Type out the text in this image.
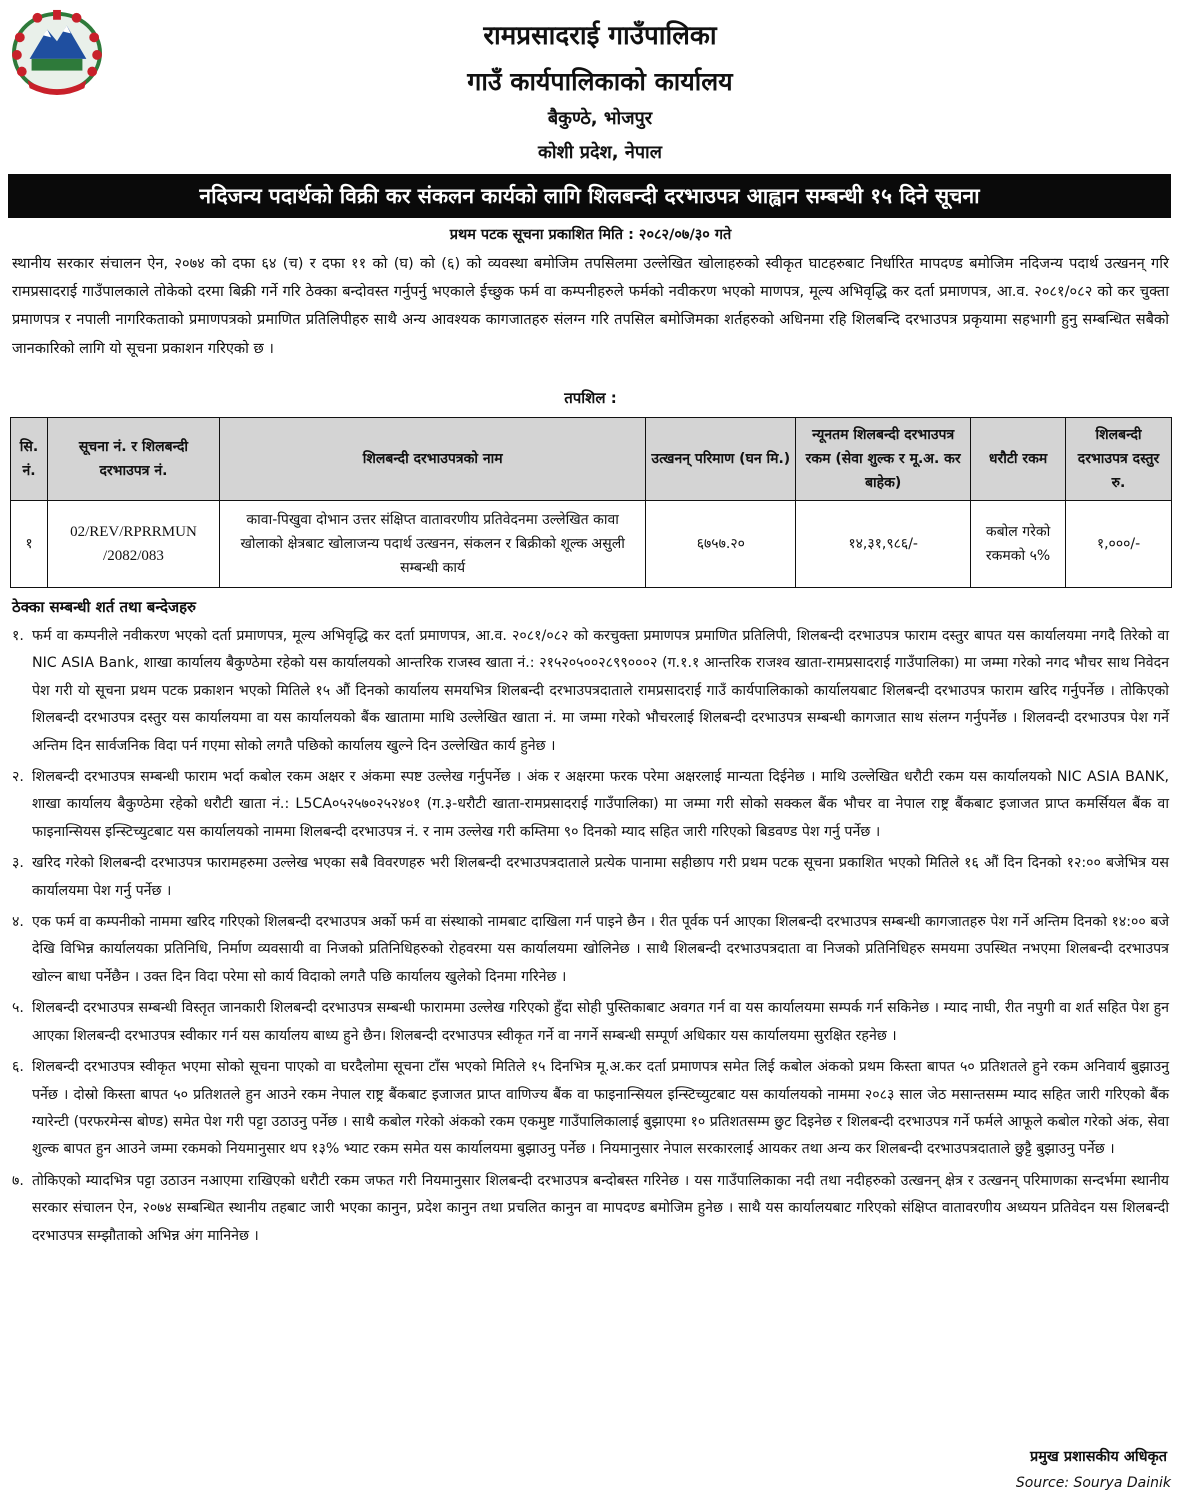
रामप्रसादराई गाउँपालिका
गाउँ कार्यपालिकाको कार्यालय
बैकुण्ठे, भोजपुर
कोशी प्रदेश, नेपाल
नदिजन्य पदार्थको विक्री कर संकलन कार्यको लागि शिलबन्दी दरभाउपत्र आह्वान सम्बन्धी १५ दिने सूचना
प्रथम पटक सूचना प्रकाशित मिति : २०८२/०७/३० गते
स्थानीय सरकार संचालन ऐन, २०७४ को दफा ६४ (च) र दफा ११ को (घ) को (६) को व्यवस्था बमोजिम तपसिलमा उल्लेखित खोलाहरुको स्वीकृत घाटहरुबाट निर्धारित मापदण्ड बमोजिम नदिजन्य पदार्थ उत्खनन् गरि रामप्रसादराई गाउँपालकाले तोकेको दरमा बिक्री गर्ने गरि ठेक्का बन्दोवस्त गर्नुपर्नु भएकाले ईच्छुक फर्म वा कम्पनीहरुले फर्मको नवीकरण भएको माणपत्र, मूल्य अभिवृद्धि कर दर्ता प्रमाणपत्र, आ.व. २०८१/०८२ को कर चुक्ता प्रमाणपत्र र नपाली नागरिकताको प्रमाणपत्रको प्रमाणित प्रतिलिपीहरु साथै अन्य आवश्यक कागजातहरु संलग्न गरि तपसिल बमोजिमका शर्तहरुको अधिनमा रहि शिलबन्दि दरभाउपत्र प्रकृयामा सहभागी हुनु सम्बन्धित सबैको जानकारिको लागि यो सूचना प्रकाशन गरिएको छ ।
तपशिल :
सि. नं.	सूचना नं. र शिलबन्दी दरभाउपत्र नं.	शिलबन्दी दरभाउपत्रको नाम	उत्खनन् परिमाण (घन मि.)	न्यूनतम शिलबन्दी दरभाउपत्र रकम (सेवा शुल्क र मू.अ. कर बाहेक)	धरौटी रकम	शिलबन्दी दरभाउपत्र दस्तुर रु.
१	02/REV/RPRRMUN /2082/083	कावा-पिखुवा दोभान उत्तर संक्षिप्त वातावरणीय प्रतिवेदनमा उल्लेखित कावा खोलाको क्षेत्रबाट खोलाजन्य पदार्थ उत्खनन, संकलन र बिक्रीको शूल्क असुली सम्बन्धी कार्य	६७५७.२०	१४,३१,९८६/-	कबोल गरेको रकमको ५%	१,०००/-
ठेक्का सम्बन्धी शर्त तथा बन्देजहरु
१. फर्म वा कम्पनीले नवीकरण भएको दर्ता प्रमाणपत्र, मूल्य अभिवृद्धि कर दर्ता प्रमाणपत्र, आ.व. २०८१/०८२ को करचुक्ता प्रमाणपत्र प्रमाणित प्रतिलिपी, शिलबन्दी दरभाउपत्र फाराम दस्तुर बापत यस कार्यालयमा नगदै तिरेको वा NIC ASIA Bank, शाखा कार्यालय बैकुण्ठेमा रहेको यस कार्यालयको आन्तरिक राजस्व खाता नं.: २१५२०५००२८९९०००२ (ग.१.१ आन्तरिक राजश्व खाता-रामप्रसादराई गाउँपालिका) मा जम्मा गरेको नगद भौचर साथ निवेदन पेश गरी यो सूचना प्रथम पटक प्रकाशन भएको मितिले १५ औं दिनको कार्यालय समयभित्र शिलबन्दी दरभाउपत्रदाताले रामप्रसादराई गाउँ कार्यपालिकाको कार्यालयबाट शिलबन्दी दरभाउपत्र फाराम खरिद गर्नुपर्नेछ । तोकिएको शिलबन्दी दरभाउपत्र दस्तुर यस कार्यालयमा वा यस कार्यालयको बैंक खातामा माथि उल्लेखित खाता नं. मा जम्मा गरेको भौचरलाई शिलबन्दी दरभाउपत्र सम्बन्धी कागजात साथ संलग्न गर्नुपर्नेछ । शिलवन्दी दरभाउपत्र पेश गर्ने अन्तिम दिन सार्वजनिक विदा पर्न गएमा सोको लगतै पछिको कार्यालय खुल्ने दिन उल्लेखित कार्य हुनेछ ।
२. शिलबन्दी दरभाउपत्र सम्बन्धी फाराम भर्दा कबोल रकम अक्षर र अंकमा स्पष्ट उल्लेख गर्नुपर्नेछ । अंक र अक्षरमा फरक परेमा अक्षरलाई मान्यता दिईनेछ । माथि उल्लेखित धरौटी रकम यस कार्यालयको NIC ASIA BANK, शाखा कार्यालय बैकुण्ठेमा रहेको धरौटी खाता नं.: L5CA०५२५७०२५२४०१ (ग.३-धरौटी खाता-रामप्रसादराई गाउँपालिका) मा जम्मा गरी सोको सक्कल बैंक भौचर वा नेपाल राष्ट्र बैंकबाट इजाजत प्राप्त कमर्सियल बैंक वा फाइनान्सियस इन्स्टिच्युटबाट यस कार्यालयको नाममा शिलबन्दी दरभाउपत्र नं. र नाम उल्लेख गरी कम्तिमा ९० दिनको म्याद सहित जारी गरिएको बिडवण्ड पेश गर्नु पर्नेछ ।
३. खरिद गरेको शिलबन्दी दरभाउपत्र फारामहरुमा उल्लेख भएका सबै विवरणहरु भरी शिलबन्दी दरभाउपत्रदाताले प्रत्येक पानामा सहीछाप गरी प्रथम पटक सूचना प्रकाशित भएको मितिले १६ औं दिन दिनको १२:०० बजेभित्र यस कार्यालयमा पेश गर्नु पर्नेछ ।
४. एक फर्म वा कम्पनीको नाममा खरिद गरिएको शिलबन्दी दरभाउपत्र अर्को फर्म वा संस्थाको नामबाट दाखिला गर्न पाइने छैन । रीत पूर्वक पर्न आएका शिलबन्दी दरभाउपत्र सम्बन्धी कागजातहरु पेश गर्ने अन्तिम दिनको १४:०० बजे देखि विभिन्न कार्यालयका प्रतिनिधि, निर्माण व्यवसायी वा निजको प्रतिनिधिहरुको रोहवरमा यस कार्यालयमा खोलिनेछ । साथै शिलबन्दी दरभाउपत्रदाता वा निजको प्रतिनिधिहरु समयमा उपस्थित नभएमा शिलबन्दी दरभाउपत्र खोल्न बाधा पर्नेछैन । उक्त दिन विदा परेमा सो कार्य विदाको लगतै पछि कार्यालय खुलेको दिनमा गरिनेछ ।
५. शिलबन्दी दरभाउपत्र सम्बन्धी विस्तृत जानकारी शिलबन्दी दरभाउपत्र सम्बन्धी फाराममा उल्लेख गरिएको हुँदा सोही पुस्तिकाबाट अवगत गर्न वा यस कार्यालयमा सम्पर्क गर्न सकिनेछ । म्याद नाघी, रीत नपुगी वा शर्त सहित पेश हुन आएका शिलबन्दी दरभाउपत्र स्वीकार गर्न यस कार्यालय बाध्य हुने छैन। शिलबन्दी दरभाउपत्र स्वीकृत गर्ने वा नगर्ने सम्बन्धी सम्पूर्ण अधिकार यस कार्यालयमा सुरक्षित रहनेछ ।
६. शिलबन्दी दरभाउपत्र स्वीकृत भएमा सोको सूचना पाएको वा घरदैलोमा सूचना टाँस भएको मितिले १५ दिनभित्र मू.अ.कर दर्ता प्रमाणपत्र समेत लिई कबोल अंकको प्रथम किस्ता बापत ५० प्रतिशतले हुने रकम अनिवार्य बुझाउनु पर्नेछ । दोस्रो किस्ता बापत ५० प्रतिशतले हुन आउने रकम नेपाल राष्ट्र बैंकबाट इजाजत प्राप्त वाणिज्य बैंक वा फाइनान्सियल इन्स्टिच्युटबाट यस कार्यालयको नाममा २०८३ साल जेठ मसान्तसम्म म्याद सहित जारी गरिएको बैंक ग्यारेन्टी (परफरमेन्स बोण्ड) समेत पेश गरी पट्टा उठाउनु पर्नेछ । साथै कबोल गरेको अंकको रकम एकमुष्ट गाउँपालिकालाई बुझाएमा १० प्रतिशतसम्म छुट दिइनेछ र शिलबन्दी दरभाउपत्र गर्ने फर्मले आफूले कबोल गरेको अंक, सेवा शुल्क बापत हुन आउने जम्मा रकमको नियमानुसार थप १३% भ्याट रकम समेत यस कार्यालयमा बुझाउनु पर्नेछ । नियमानुसार नेपाल सरकारलाई आयकर तथा अन्य कर शिलबन्दी दरभाउपत्रदाताले छुट्टै बुझाउनु पर्नेछ ।
७. तोकिएको म्यादभित्र पट्टा उठाउन नआएमा राखिएको धरौटी रकम जफत गरी नियमानुसार शिलबन्दी दरभाउपत्र बन्दोबस्त गरिनेछ । यस गाउँपालिकाका नदी तथा नदीहरुको उत्खनन् क्षेत्र र उत्खनन् परिमाणका सन्दर्भमा स्थानीय सरकार संचालन ऐन, २०७४ सम्बन्धित स्थानीय तहबाट जारी भएका कानुन, प्रदेश कानुन तथा प्रचलित कानुन वा मापदण्ड बमोजिम हुनेछ । साथै यस कार्यालयबाट गरिएको संक्षिप्त वातावरणीय अध्ययन प्रतिवेदन यस शिलबन्दी दरभाउपत्र सम्झौताको अभिन्न अंग मानिनेछ ।
प्रमुख प्रशासकीय अधिकृत
Source: Sourya Dainik
